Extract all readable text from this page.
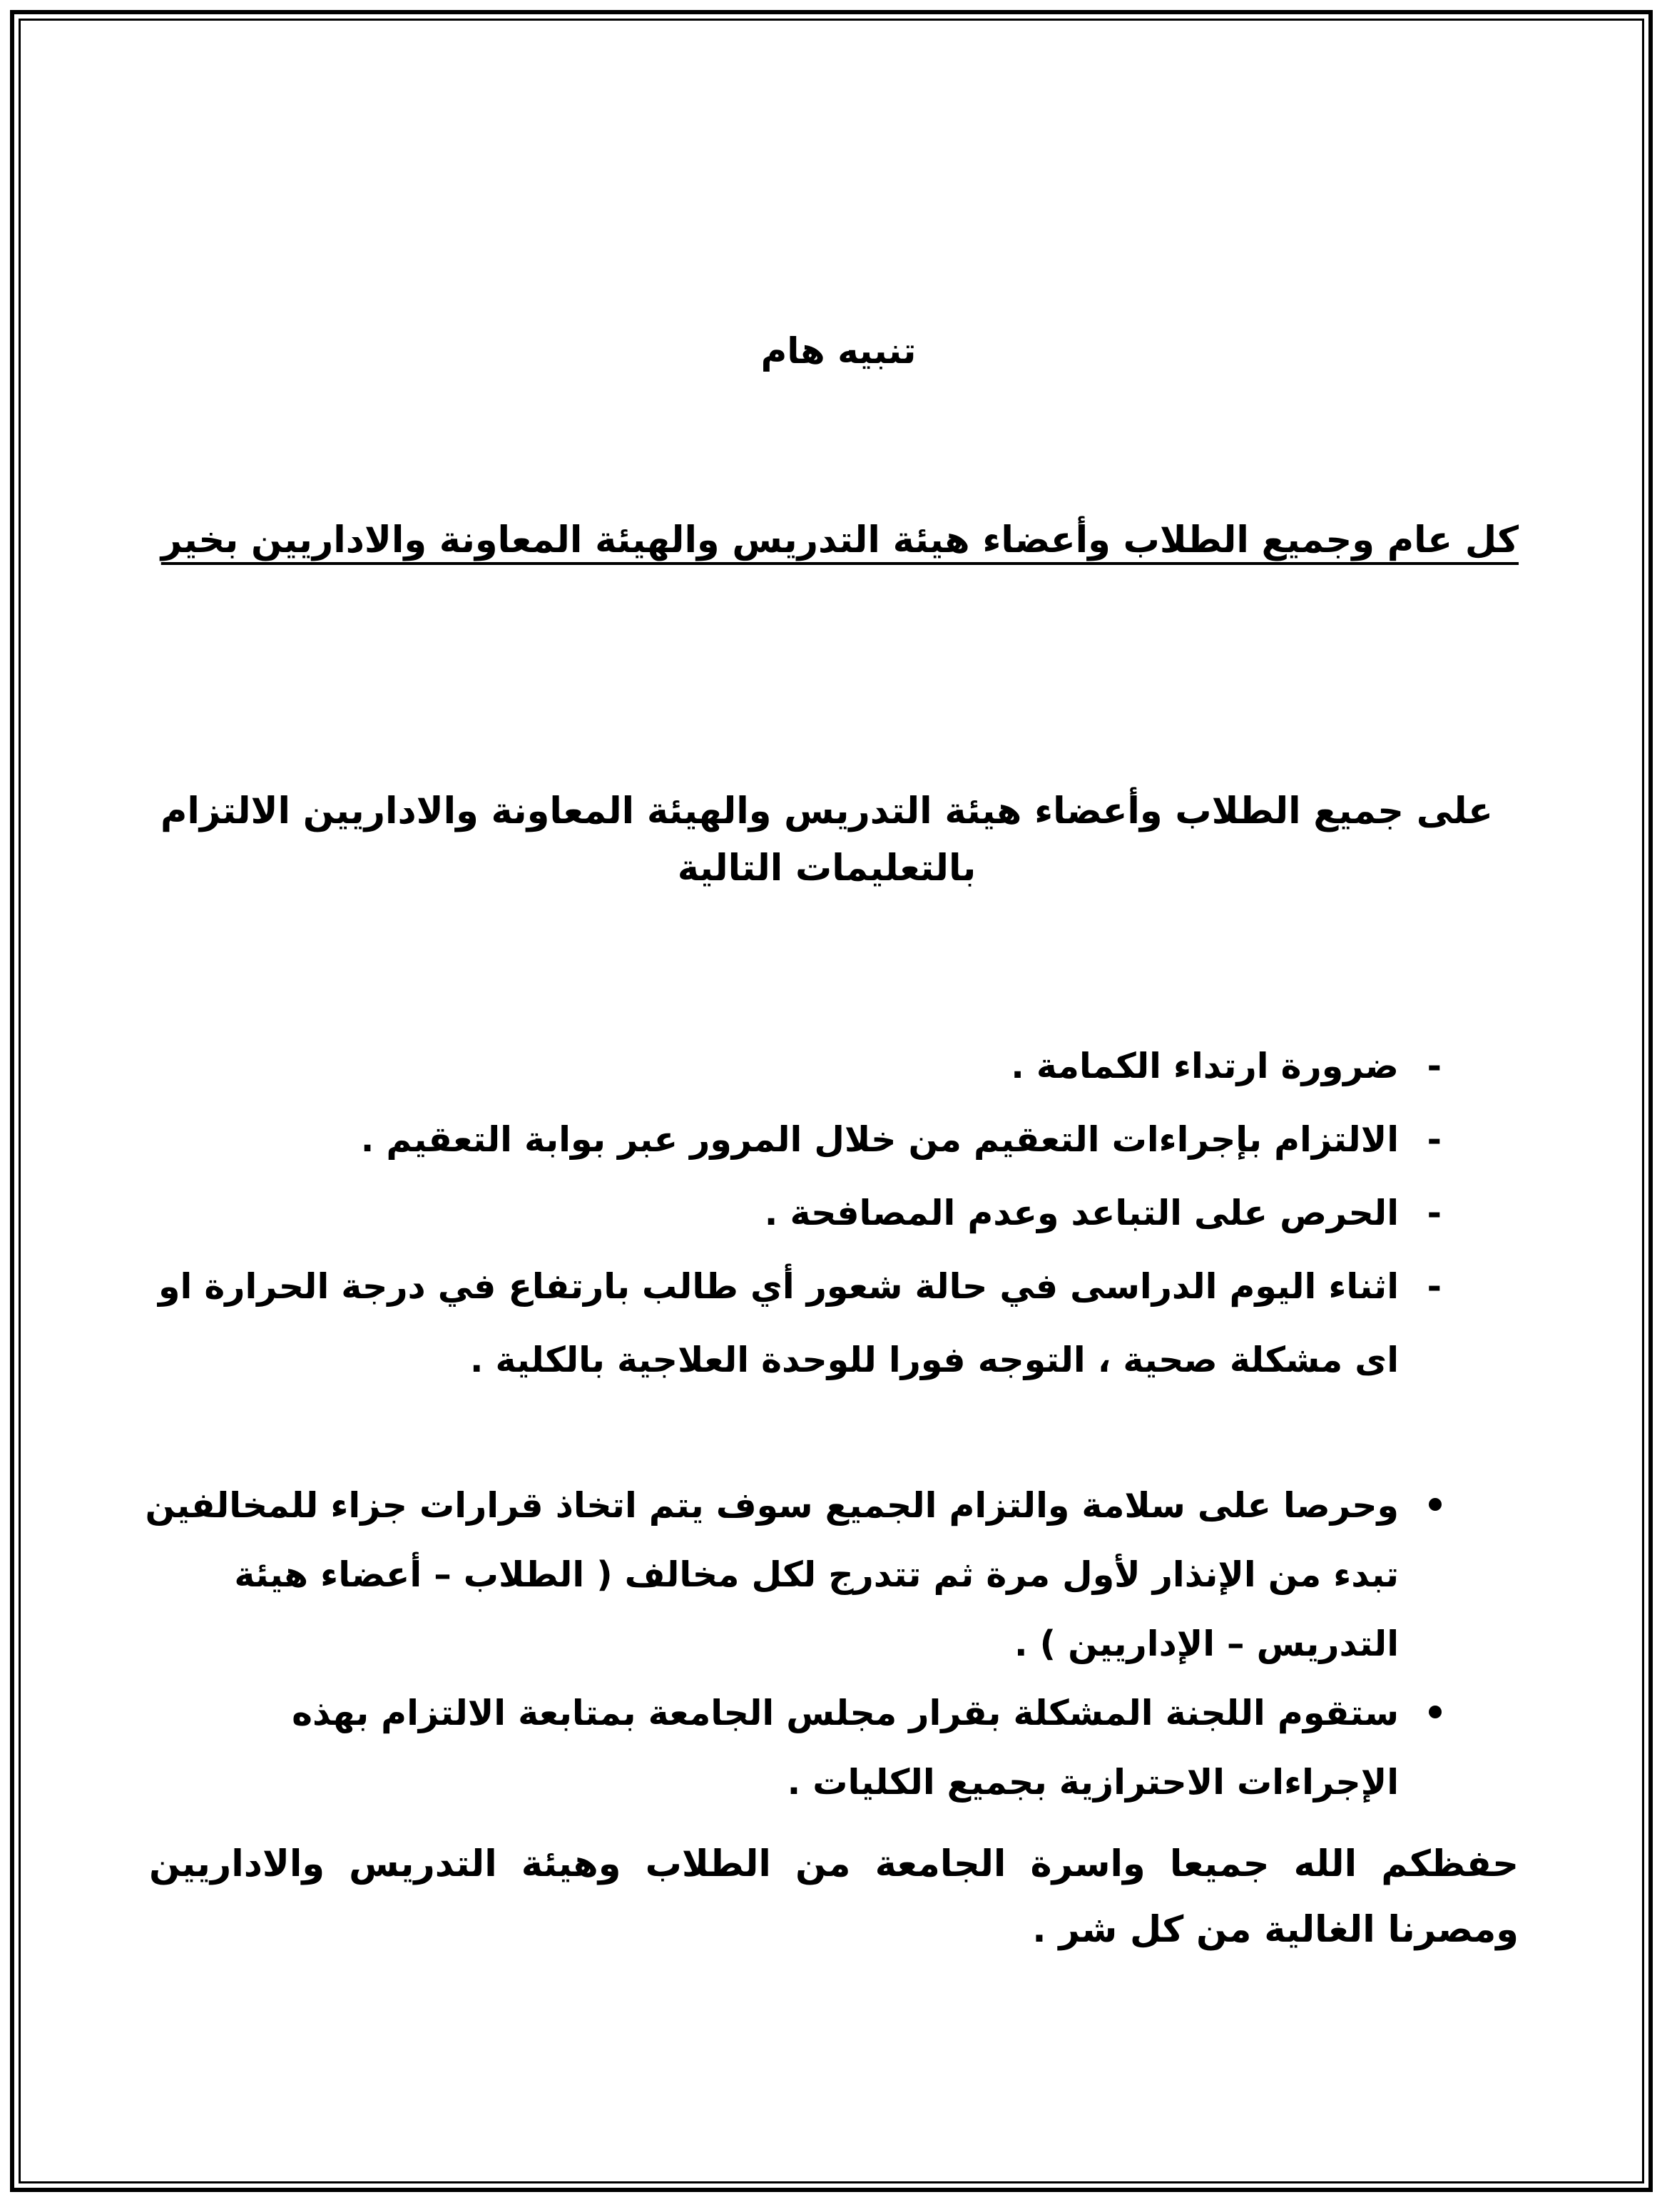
تنبيه هام

كل عام وجميع الطلاب وأعضاء هيئة التدريس والهيئة المعاونة والاداريين بخير

على جميع الطلاب وأعضاء هيئة التدريس والهيئة المعاونة والاداريين الالتزام بالتعليمات التالية

- ضرورة ارتداء الكمامة .
- الالتزام بإجراءات التعقيم من خلال المرور عبر بوابة التعقيم .
- الحرص على التباعد وعدم المصافحة .
- اثناء اليوم الدراسى في حالة شعور أي طالب بارتفاع في درجة الحرارة او اى مشكلة صحية ، التوجه فورا للوحدة العلاجية بالكلية .
وحرصا على سلامة والتزام الجميع سوف يتم اتخاذ قرارات جزاء للمخالفين تبدء من الإنذار لأول مرة ثم تتدرج لكل مخالف ( الطلاب – أعضاء هيئة التدريس – الإداريين ) .
ستقوم اللجنة المشكلة بقرار مجلس الجامعة بمتابعة الالتزام بهذه الإجراءات الاحترازية بجميع الكليات .

حفظكم الله جميعا واسرة الجامعة من الطلاب وهيئة التدريس والاداريين ومصرنا الغالية من كل شر .
